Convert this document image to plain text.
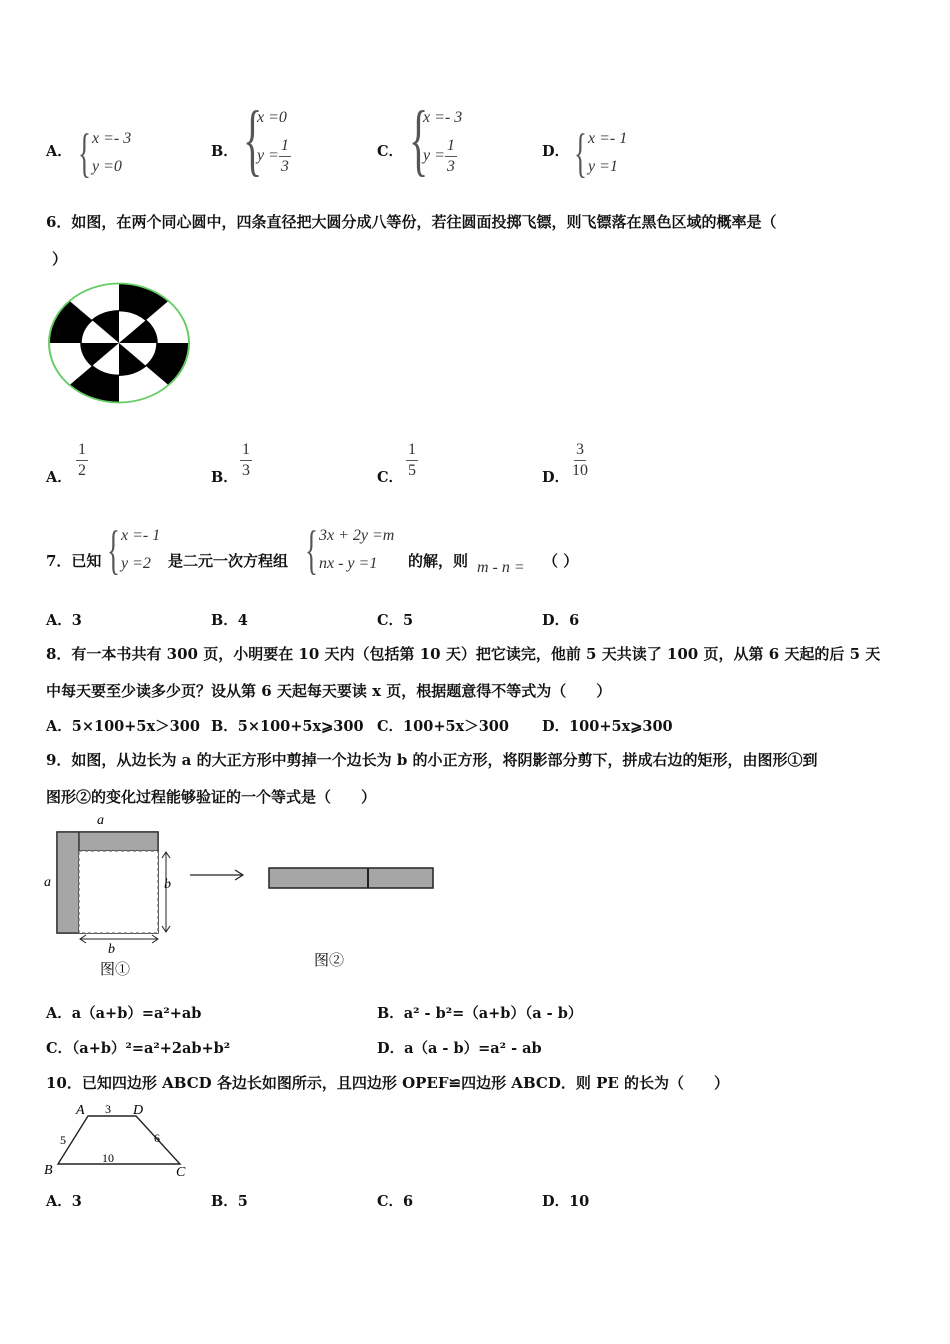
A． { x =- 3
y =0
B． {
x =0
$y = \frac{1}{3}$	C． {
x =- 3
$y = \frac{1}{3}$	D． { x =- 1
y =1
6．如图，在两个同心圆中，四条直径把大圆分成八等份，若往圆面投掷飞镖，则飞镖落在黑色区域的概率是（
）
A． $\frac{1}{2}$	B． $\frac{1}{3}$	C． $\frac{1}{5}$	D． $\frac{3}{10}$
7．已知 { x =- 1
y =2	是二元一次方程组 { 3x + 2y =m
nx - y =1	的解，则 m - n = （ ）
A．3	B．4	C．5	D．6
8．有一本书共有 300 页，小明要在 10 天内（包括第 10 天）把它读完，他前 5 天共读了 100 页，从第 6 天起的后 5 天
中每天要至少读多少页？设从第 6 天起每天要读 x 页，根据题意得不等式为（　　）
A．5×100+5x＞300 B．5×100+5x⩾300 C．100+5x＞300 D．100+5x⩾300
9．如图，从边长为 a 的大正方形中剪掉一个边长为 b 的小正方形，将阴影部分剪下，拼成右边的矩形，由图形①到
图形②的变化过程能够验证的一个等式是（　　）
a
a	b
b
图①
图②
A．a（a+b）=a²+ab	B．a² - b²=（a+b）（a - b）
C．（a+b）²=a²+2ab+b²	D．a（a - b）=a² - ab
10．已知四边形 ABCD 各边长如图所示，且四边形 OPEF≌四边形 ABCD．则 PE 的长为（　　）
A	D
B	C
3
5	6
10
A．3	B．5	C．6	D．10
